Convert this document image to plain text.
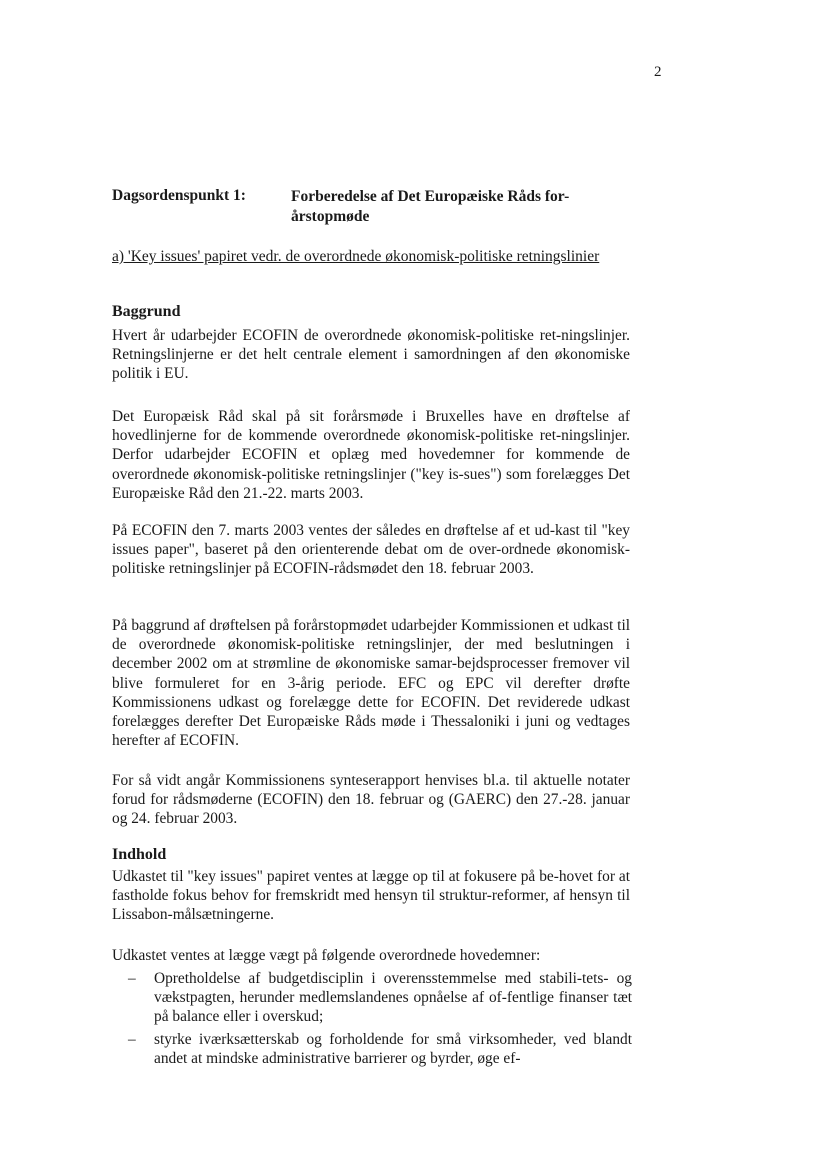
2
Dagsordenspunkt 1:	Forberedelse af Det Europæiske Råds for-
årstopmøde
a) 'Key issues' papiret vedr. de overordnede økonomisk-politiske retningslinier
Baggrund
Hvert år udarbejder ECOFIN de overordnede økonomisk-politiske ret-ningslinjer. Retningslinjerne er det helt centrale element i samordningen af den økonomiske politik i EU.
Det Europæisk Råd skal på sit forårsmøde i Bruxelles have en drøftelse af hovedlinjerne for de kommende overordnede økonomisk-politiske ret-ningslinjer. Derfor udarbejder ECOFIN et oplæg med hovedemner for kommende de overordnede økonomisk-politiske retningslinjer ("key is-sues") som forelægges Det Europæiske Råd den 21.-22. marts 2003.
På ECOFIN den 7. marts 2003 ventes der således en drøftelse af et ud-kast til "key issues paper", baseret på den orienterende debat om de over-ordnede økonomisk-politiske retningslinjer på ECOFIN-rådsmødet den 18. februar 2003.
På baggrund af drøftelsen på forårstopmødet udarbejder Kommissionen et udkast til de overordnede økonomisk-politiske retningslinjer, der med beslutningen i december 2002 om at strømline de økonomiske samar-bejdsprocesser fremover vil blive formuleret for en 3-årig periode. EFC og EPC vil derefter drøfte Kommissionens udkast og forelægge dette for ECOFIN. Det reviderede udkast forelægges derefter Det Europæiske Råds møde i Thessaloniki i juni og vedtages herefter af ECOFIN.
For så vidt angår Kommissionens synteserapport henvises bl.a. til aktuelle notater forud for rådsmøderne (ECOFIN) den 18. februar og (GAERC) den 27.-28. januar og 24. februar 2003.
Indhold
Udkastet til "key issues" papiret ventes at lægge op til at fokusere på be-hovet for at fastholde fokus behov for fremskridt med hensyn til struktur-reformer, af hensyn til Lissabon-målsætningerne.
Udkastet ventes at lægge vægt på følgende overordnede hovedemner:
– Opretholdelse af budgetdisciplin i overensstemmelse med stabili-tets- og vækstpagten, herunder medlemslandenes opnåelse af of-fentlige finanser tæt på balance eller i overskud;
– styrke iværksætterskab og forholdende for små virksomheder, ved blandt andet at mindske administrative barrierer og byrder, øge ef-
